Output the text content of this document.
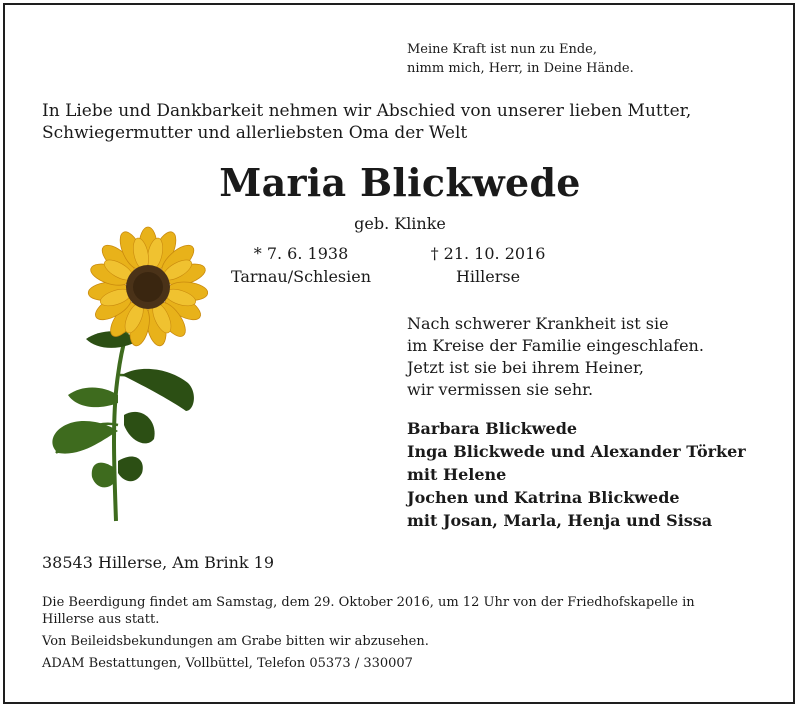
Meine Kraft ist nun zu Ende,
nimm mich, Herr, in Deine Hände.
In Liebe und Dankbarkeit nehmen wir Abschied von unserer lieben Mutter,
Schwiegermutter und allerliebsten Oma der Welt
Maria Blickwede
geb. Klinke
* 7. 6. 1938
Tarnau/Schlesien
† 21. 10. 2016
Hillerse
Nach schwerer Krankheit ist sie
im Kreise der Familie eingeschlafen.
Jetzt ist sie bei ihrem Heiner,
wir vermissen sie sehr.
Barbara Blickwede
Inga Blickwede und Alexander Törker
mit Helene
Jochen und Katrina Blickwede
mit Josan, Marla, Henja und Sissa
38543 Hillerse, Am Brink 19
Die Beerdigung findet am Samstag, dem 29. Oktober 2016, um 12 Uhr von der Friedhofskapelle in
Hillerse aus statt.
Von Beileidsbekundungen am Grabe bitten wir abzusehen.
ADAM Bestattungen, Vollbüttel, Telefon 05373 / 330007
